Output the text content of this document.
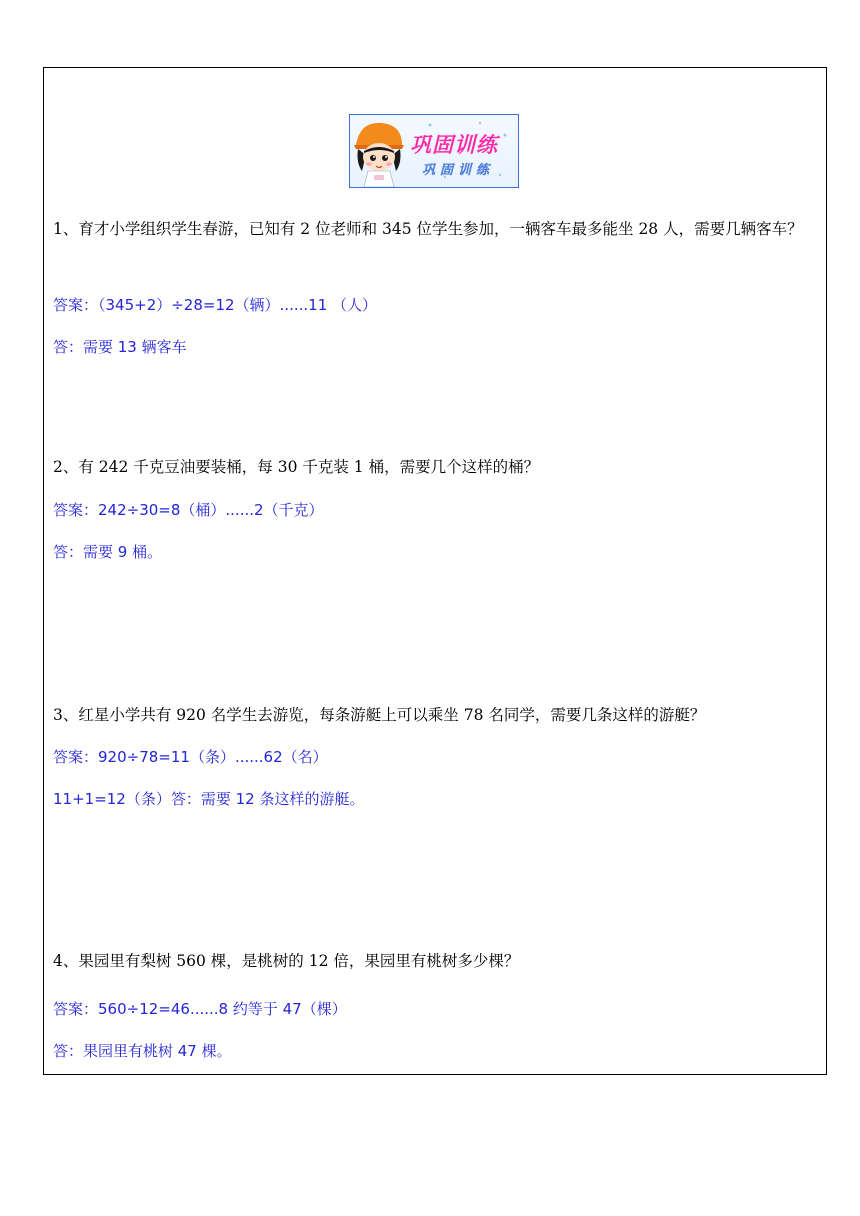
巩固训练
巩固训练
1、育才小学组织学生春游，已知有 2 位老师和 345 位学生参加，一辆客车最多能坐 28 人，需要几辆客车？
答案：（345+2）÷28=12（辆）......11 （人）
答：需要 13 辆客车
2、有 242 千克豆油要装桶，每 30 千克装 1 桶，需要几个这样的桶？
答案：242÷30=8（桶）......2（千克）
答：需要 9 桶。
3、红星小学共有 920 名学生去游览，每条游艇上可以乘坐 78 名同学，需要几条这样的游艇？
答案：920÷78=11（条）......62（名）
11+1=12（条）答：需要 12 条这样的游艇。
4、果园里有梨树 560 棵，是桃树的 12 倍，果园里有桃树多少棵？
答案：560÷12=46......8 约等于 47（棵）
答：果园里有桃树 47 棵。
